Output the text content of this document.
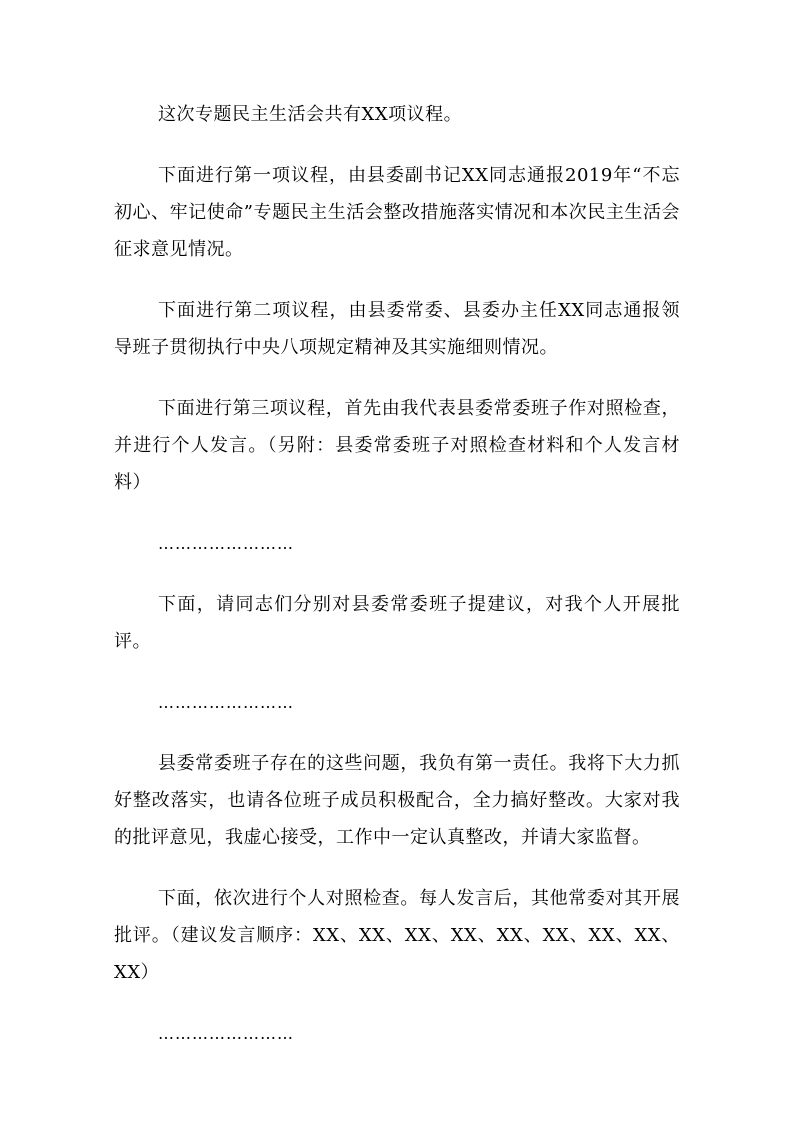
这次专题民主生活会共有XX项议程。

下面进行第一项议程，由县委副书记XX同志通报2019年“不忘初心、牢记使命”专题民主生活会整改措施落实情况和本次民主生活会征求意见情况。

下面进行第二项议程，由县委常委、县委办主任XX同志通报领导班子贯彻执行中央八项规定精神及其实施细则情况。

下面进行第三项议程，首先由我代表县委常委班子作对照检查，并进行个人发言。（另附：县委常委班子对照检查材料和个人发言材料）

……………………

下面，请同志们分别对县委常委班子提建议，对我个人开展批评。

……………………

县委常委班子存在的这些问题，我负有第一责任。我将下大力抓好整改落实，也请各位班子成员积极配合，全力搞好整改。大家对我的批评意见，我虚心接受，工作中一定认真整改，并请大家监督。

下面，依次进行个人对照检查。每人发言后，其他常委对其开展批评。（建议发言顺序：XX、XX、XX、XX、XX、XX、XX、XX、XX）

……………………
